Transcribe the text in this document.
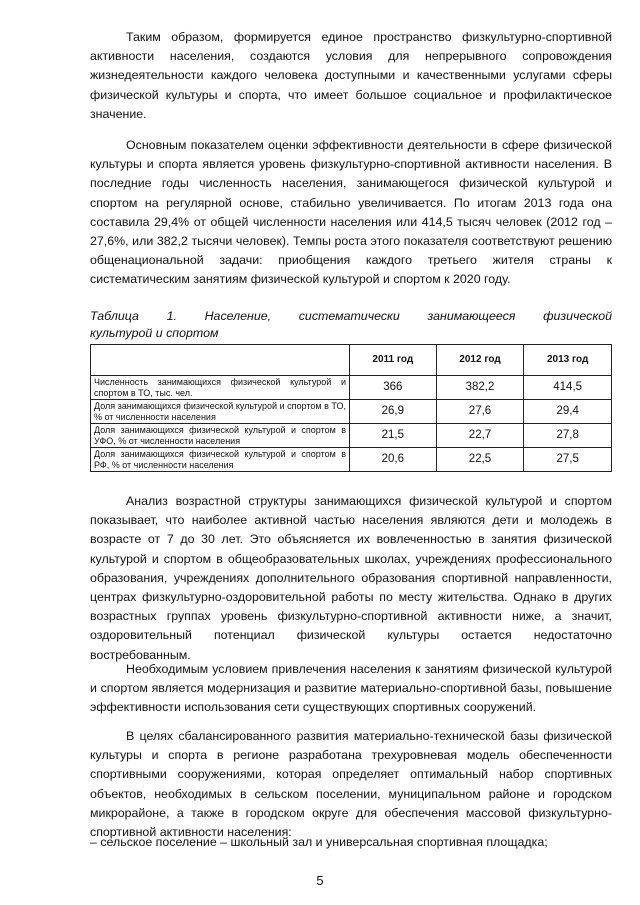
Таким образом, формируется единое пространство физкультурно-спортивной активности населения, создаются условия для непрерывного сопровождения жизнедеятельности каждого человека доступными и качественными услугами сферы физической культуры и спорта, что имеет большое социальное и профилактическое значение.

Основным показателем оценки эффективности деятельности в сфере физической культуры и спорта является уровень физкультурно-спортивной активности населения. В последние годы численность населения, занимающегося физической культурой и спортом на регулярной основе, стабильно увеличивается. По итогам 2013 года она составила 29,4% от общей численности населения или 414,5 тысяч человек (2012 год – 27,6%, или 382,2 тысячи человек). Темпы роста этого показателя соответствуют решению общенациональной задачи: приобщения каждого третьего жителя страны к систематическим занятиям физической культурой и спортом к 2020 году.

Таблица 1. Население, систематически занимающееся физической
культурой и спортом
	2011 год	2012 год	2013 год
Численность занимающихся физической культурой и спортом в ТО, тыс. чел.	366	382,2	414,5
Доля занимающихся физической культурой и спортом в ТО, % от численности населения	26,9	27,6	29,4
Доля занимающихся физической культурой и спортом в УФО, % от численности населения	21,5	22,7	27,8
Доля занимающихся физической культурой и спортом в РФ, % от численности населения	20,6	22,5	27,5

Анализ возрастной структуры занимающихся физической культурой и спортом показывает, что наиболее активной частью населения являются дети и молодежь в возрасте от 7 до 30 лет. Это объясняется их вовлеченностью в занятия физической культурой и спортом в общеобразовательных школах, учреждениях профессионального образования, учреждениях дополнительного образования спортивной направленности, центрах физкультурно-оздоровительной работы по месту жительства. Однако в других возрастных группах уровень физкультурно-спортивной активности ниже, а значит, оздоровительный потенциал физической культуры остается недостаточно востребованным.

Необходимым условием привлечения населения к занятиям физической культурой и спортом является модернизация и развитие материально-спортивной базы, повышение эффективности использования сети существующих спортивных сооружений.

В целях сбалансированного развития материально-технической базы физической культуры и спорта в регионе разработана трехуровневая модель обеспеченности спортивными сооружениями, которая определяет оптимальный набор спортивных объектов, необходимых в сельском поселении, муниципальном районе и городском микрорайоне, а также в городском округе для обеспечения массовой физкультурно-спортивной активности населения:

– сельское поселение – школьный зал и универсальная спортивная площадка;
5
